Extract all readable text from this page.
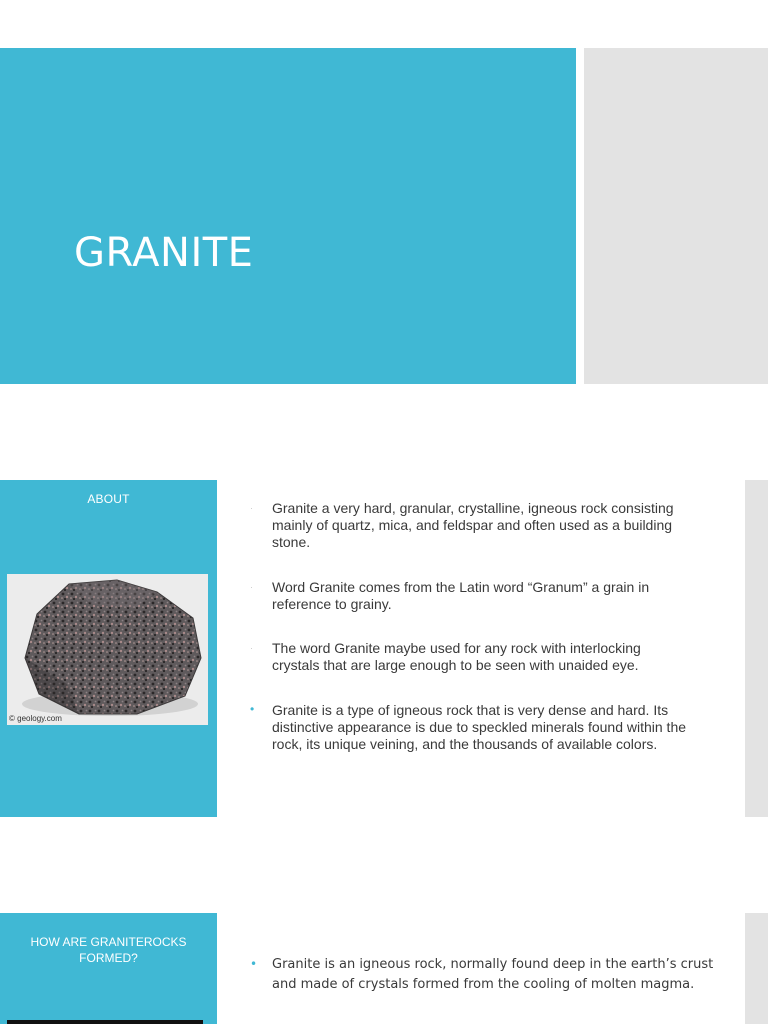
GRANITE
ABOUT
© geology.com
· Granite a very hard, granular, crystalline, igneous rock consisting mainly of quartz, mica, and feldspar and often used as a building stone.
· Word Granite comes from the Latin word “Granum” a grain in reference to grainy.
· The word Granite maybe used for any rock with interlocking crystals that are large enough to be seen with unaided eye.
• Granite is a type of igneous rock that is very dense and hard. Its distinctive appearance is due to speckled minerals found within the rock, its unique veining, and the thousands of available colors.
HOW ARE GRANITEROCKS FORMED?	• Granite is an igneous rock, normally found deep in the earth’s crust and made of crystals formed from the cooling of molten magma.
